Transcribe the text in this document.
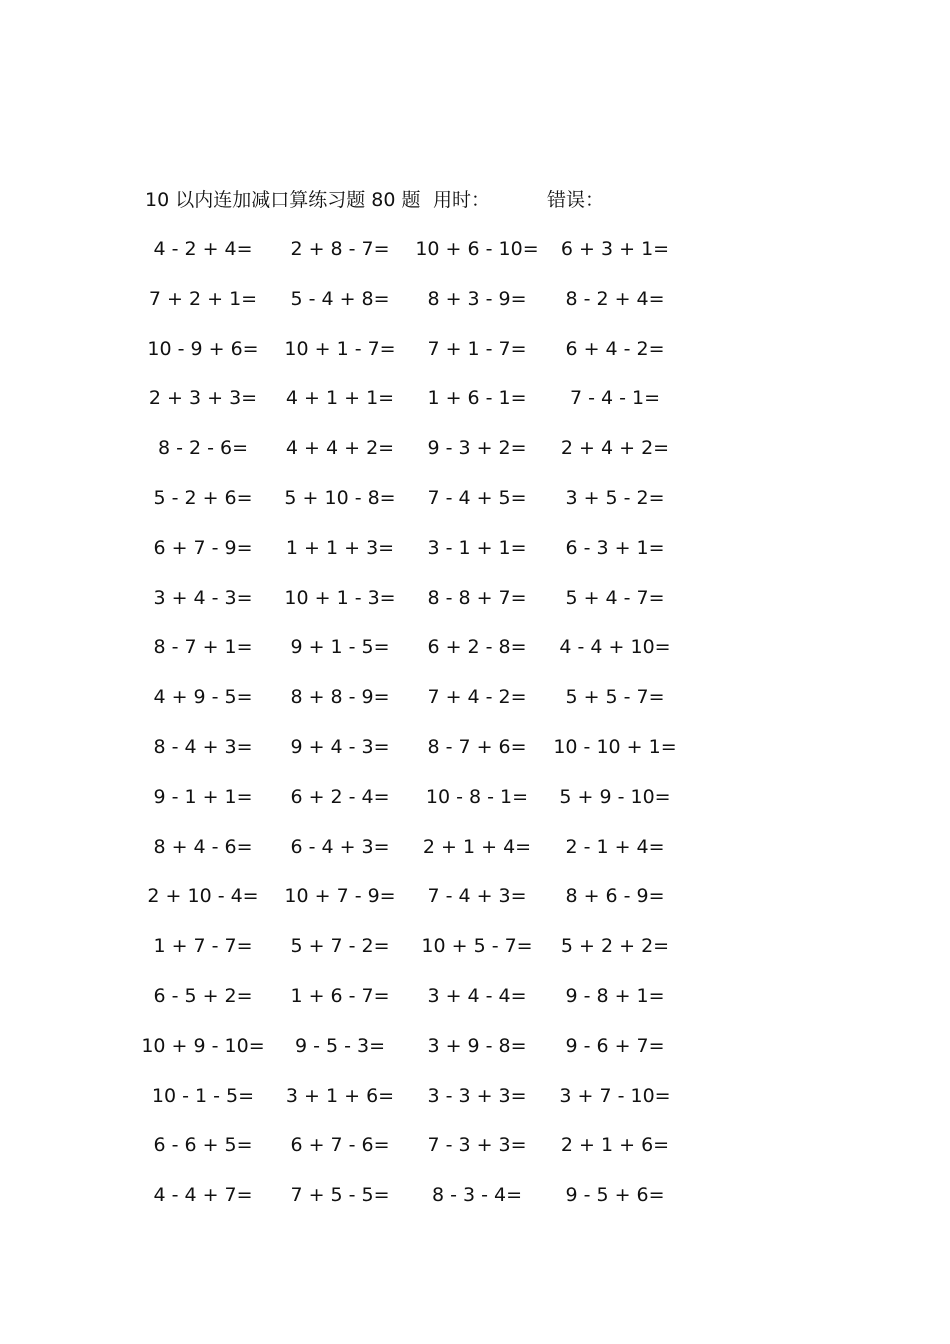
10 以内连加减口算练习题 80 题 用时：	错误：
4 - 2 + 4=	2 + 8 - 7=	10 + 6 - 10=	6 + 3 + 1=
7 + 2 + 1=	5 - 4 + 8=	8 + 3 - 9=	8 - 2 + 4=
10 - 9 + 6=	10 + 1 - 7=	7 + 1 - 7=	6 + 4 - 2=
2 + 3 + 3=	4 + 1 + 1=	1 + 6 - 1=	7 - 4 - 1=
8 - 2 - 6=	4 + 4 + 2=	9 - 3 + 2=	2 + 4 + 2=
5 - 2 + 6=	5 + 10 - 8=	7 - 4 + 5=	3 + 5 - 2=
6 + 7 - 9=	1 + 1 + 3=	3 - 1 + 1=	6 - 3 + 1=
3 + 4 - 3=	10 + 1 - 3=	8 - 8 + 7=	5 + 4 - 7=
8 - 7 + 1=	9 + 1 - 5=	6 + 2 - 8=	4 - 4 + 10=
4 + 9 - 5=	8 + 8 - 9=	7 + 4 - 2=	5 + 5 - 7=
8 - 4 + 3=	9 + 4 - 3=	8 - 7 + 6=	10 - 10 + 1=
9 - 1 + 1=	6 + 2 - 4=	10 - 8 - 1=	5 + 9 - 10=
8 + 4 - 6=	6 - 4 + 3=	2 + 1 + 4=	2 - 1 + 4=
2 + 10 - 4=	10 + 7 - 9=	7 - 4 + 3=	8 + 6 - 9=
1 + 7 - 7=	5 + 7 - 2=	10 + 5 - 7=	5 + 2 + 2=
6 - 5 + 2=	1 + 6 - 7=	3 + 4 - 4=	9 - 8 + 1=
10 + 9 - 10=	9 - 5 - 3=	3 + 9 - 8=	9 - 6 + 7=
10 - 1 - 5=	3 + 1 + 6=	3 - 3 + 3=	3 + 7 - 10=
6 - 6 + 5=	6 + 7 - 6=	7 - 3 + 3=	2 + 1 + 6=
4 - 4 + 7=	7 + 5 - 5=	8 - 3 - 4=	9 - 5 + 6=
